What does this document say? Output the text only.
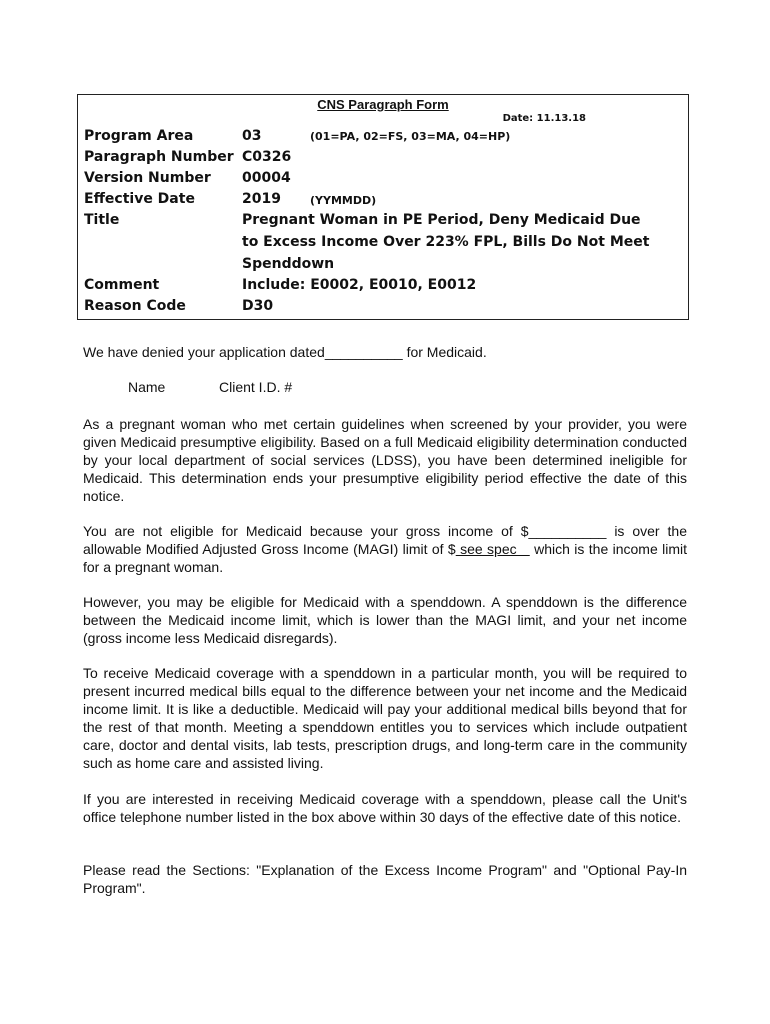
CNS Paragraph Form
Date: 11.13.18
Program Area	03	(01=PA, 02=FS, 03=MA, 04=HP)
Paragraph Number C0326
Version Number 00004
Effective Date	2019	(YYMMDD)
Title	Pregnant Woman in PE Period, Deny Medicaid Due
to Excess Income Over 223% FPL, Bills Do Not Meet
Spenddown
Comment	Include: E0002, E0010, E0012
Reason Code	D30
We have denied your application dated__________ for Medicaid.
Name	Client I.D. #
As a pregnant woman who met certain guidelines when screened by your provider, you were given Medicaid presumptive eligibility. Based on a full Medicaid eligibility determination conducted by your local department of social services (LDSS), you have been determined ineligible for Medicaid. This determination ends your presumptive eligibility period effective the date of this notice.
You are not eligible for Medicaid because your gross income of $__________ is over the allowable Modified Adjusted Gross Income (MAGI) limit of $ see spec    which is the income limit for a pregnant woman.
However, you may be eligible for Medicaid with a spenddown. A spenddown is the difference between the Medicaid income limit, which is lower than the MAGI limit, and your net income (gross income less Medicaid disregards).
To receive Medicaid coverage with a spenddown in a particular month, you will be required to present incurred medical bills equal to the difference between your net income and the Medicaid income limit. It is like a deductible. Medicaid will pay your additional medical bills beyond that for the rest of that month. Meeting a spenddown entitles you to services which include outpatient care, doctor and dental visits, lab tests, prescription drugs, and long-term care in the community such as home care and assisted living.
If you are interested in receiving Medicaid coverage with a spenddown, please call the Unit's office telephone number listed in the box above within 30 days of the effective date of this notice.
Please read the Sections: "Explanation of the Excess Income Program" and "Optional Pay-In Program".
